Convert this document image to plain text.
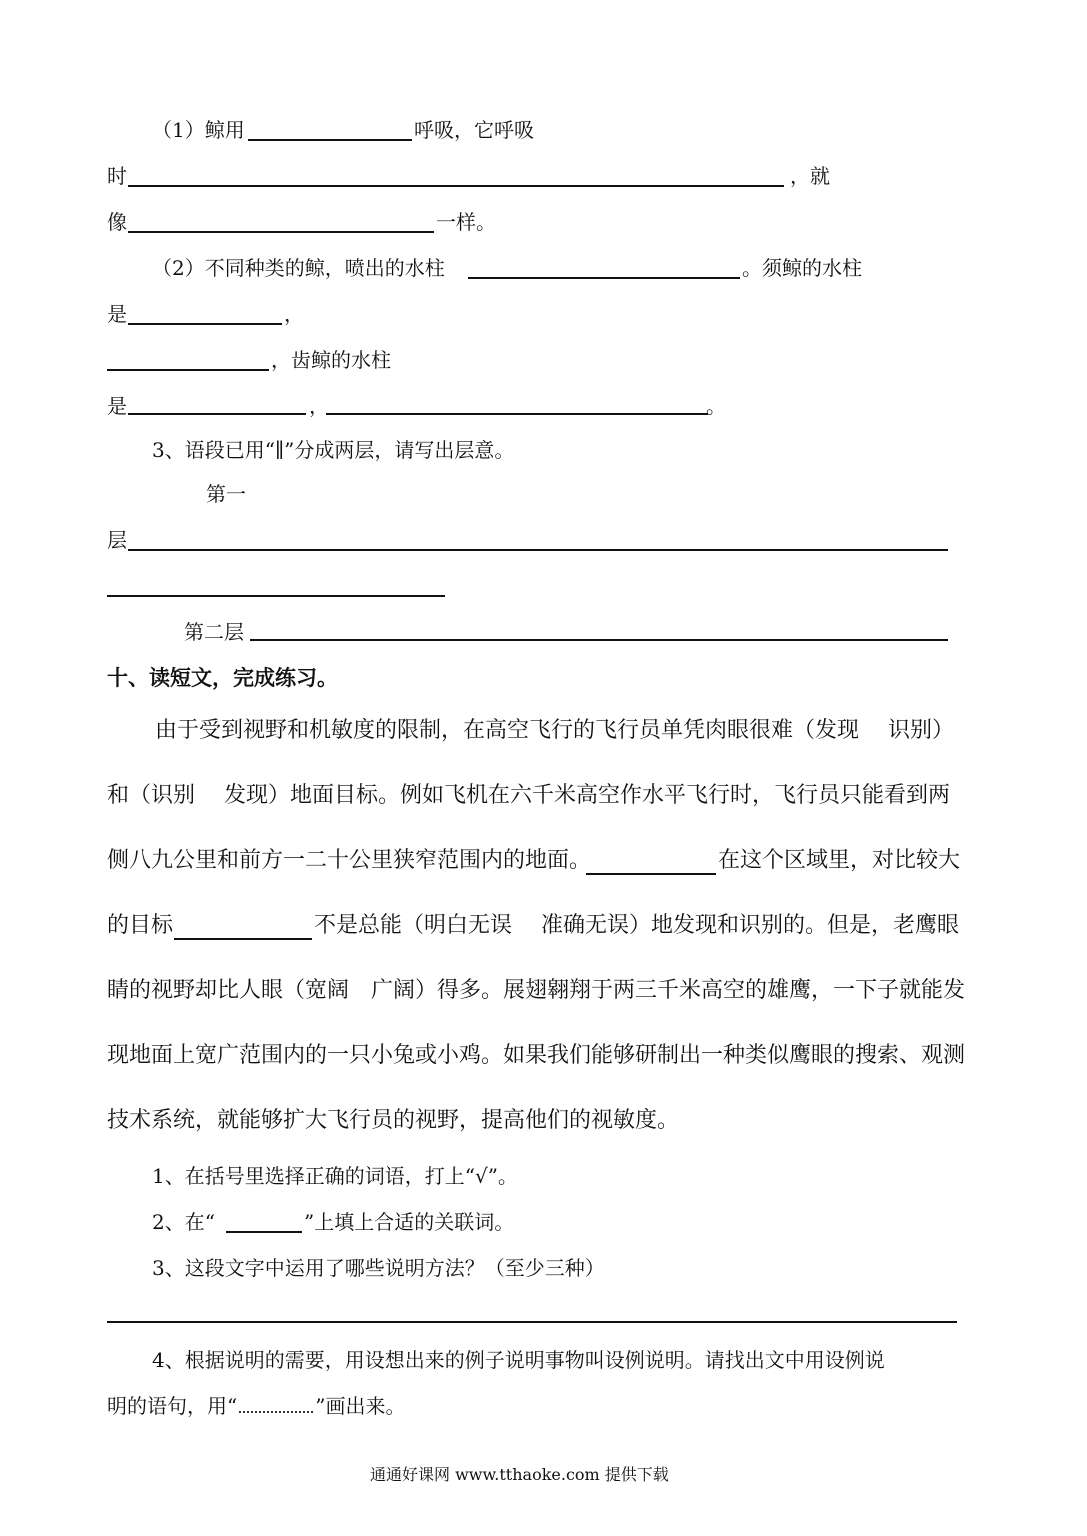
（1）鲸用	呼吸，它呼吸
时	，就
像	一样。
（2）不同种类的鲸，喷出的水柱	。须鲸的水柱
是	，
，齿鲸的水柱
是	，	。
3、语段已用“∥”分成两层，请写出层意。
第一
层
第二层
十、读短文，完成练习。
由于受到视野和机敏度的限制，在高空飞行的飞行员单凭肉眼很难（发现　 识别）
和（识别　 发现）地面目标。例如飞机在六千米高空作水平飞行时，飞行员只能看到两
侧八九公里和前方一二十公里狭窄范围内的地面。	在这个区域里，对比较大
的目标	不是总能（明白无误　 准确无误）地发现和识别的。但是，老鹰眼
睛的视野却比人眼（宽阔　广阔）得多。展翅翱翔于两三千米高空的雄鹰，一下子就能发
现地面上宽广范围内的一只小兔或小鸡。如果我们能够研制出一种类似鹰眼的搜索、观测
技术系统，就能够扩大飞行员的视野，提高他们的视敏度。
1、在括号里选择正确的词语，打上“√”。
2、在“	”上填上合适的关联词。
3、这段文字中运用了哪些说明方法？（至少三种）
4、根据说明的需要，用设想出来的例子说明事物叫设例说明。请找出文中用设例说
明的语句，用“	”画出来。
通通好课网 www.tthaoke.com 提供下载
